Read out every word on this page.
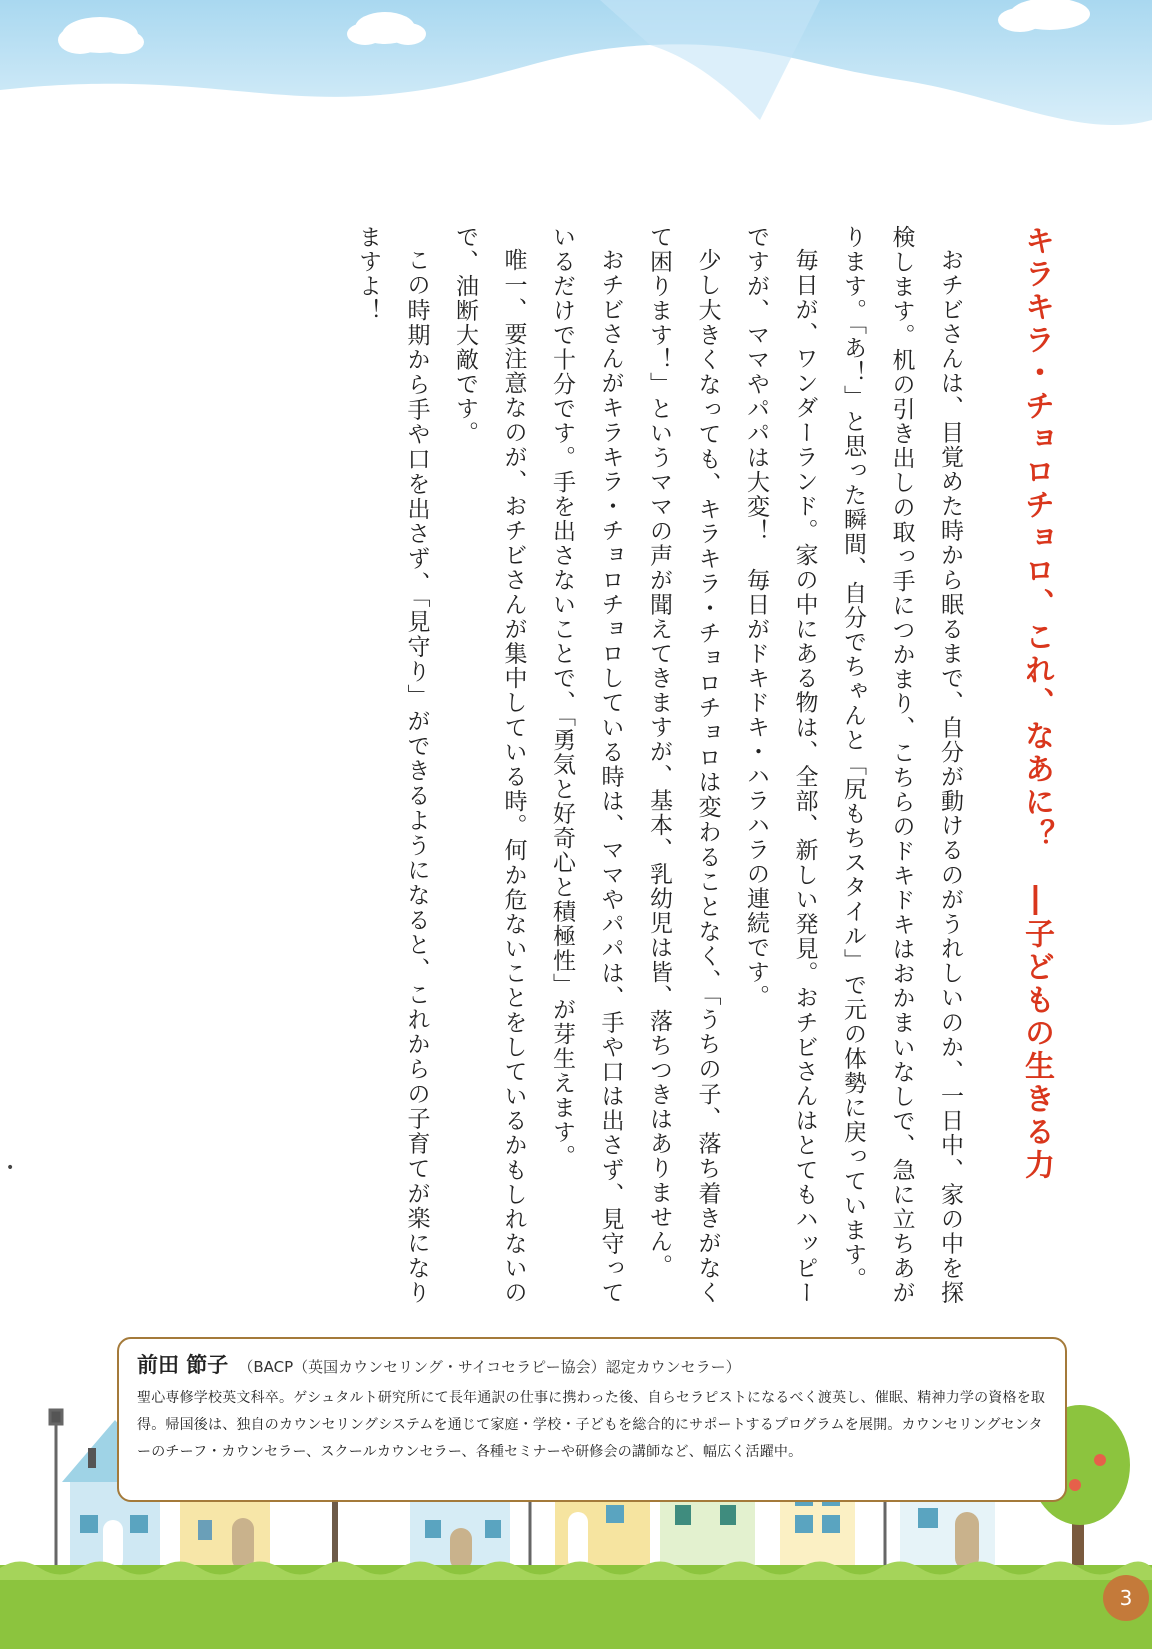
キラキラ・チョロチョロ、これ、なあに？　―子どもの生きる力

おチビさんは、目覚めた時から眠るまで、自分が動けるのがうれしいのか、一日中、家の中を探検します。机の引き出しの取っ手につかまり、こちらのドキドキはおかまいなしで、急に立ちあがります。「あ！」と思った瞬間、自分でちゃんと「尻もちスタイル」で元の体勢に戻っています。

毎日が、ワンダーランド。家の中にある物は、全部、新しい発見。おチビさんはとてもハッピーですが、ママやパパは大変！　毎日がドキドキ・ハラハラの連続です。

少し大きくなっても、キラキラ・チョロチョロは変わることなく、「うちの子、落ち着きがなくて困ります！」というママの声が聞えてきますが、基本、乳幼児は皆、落ちつきはありません。

おチビさんがキラキラ・チョロチョロしている時は、ママやパパは、手や口は出さず、見守っているだけで十分です。手を出さないことで、「勇気と好奇心と積極性」が芽生えます。

唯一、要注意なのが、おチビさんが集中している時。何か危ないことをしているかもしれないので、油断大敵です。

この時期から手や口を出さず、「見守り」ができるようになると、これからの子育てが楽になりますよ！

•
前田 節子 （BACP（英国カウンセリング・サイコセラピー協会）認定カウンセラー）
聖心専修学校英文科卒。ゲシュタルト研究所にて長年通訳の仕事に携わった後、自らセラピストになるべく渡英し、催眠、精神力学の資格を取得。帰国後は、独自のカウンセリングシステムを通じて家庭・学校・子どもを総合的にサポートするプログラムを展開。カウンセリングセンターのチーフ・カウンセラー、スクールカウンセラー、各種セミナーや研修会の講師など、幅広く活躍中。
3
